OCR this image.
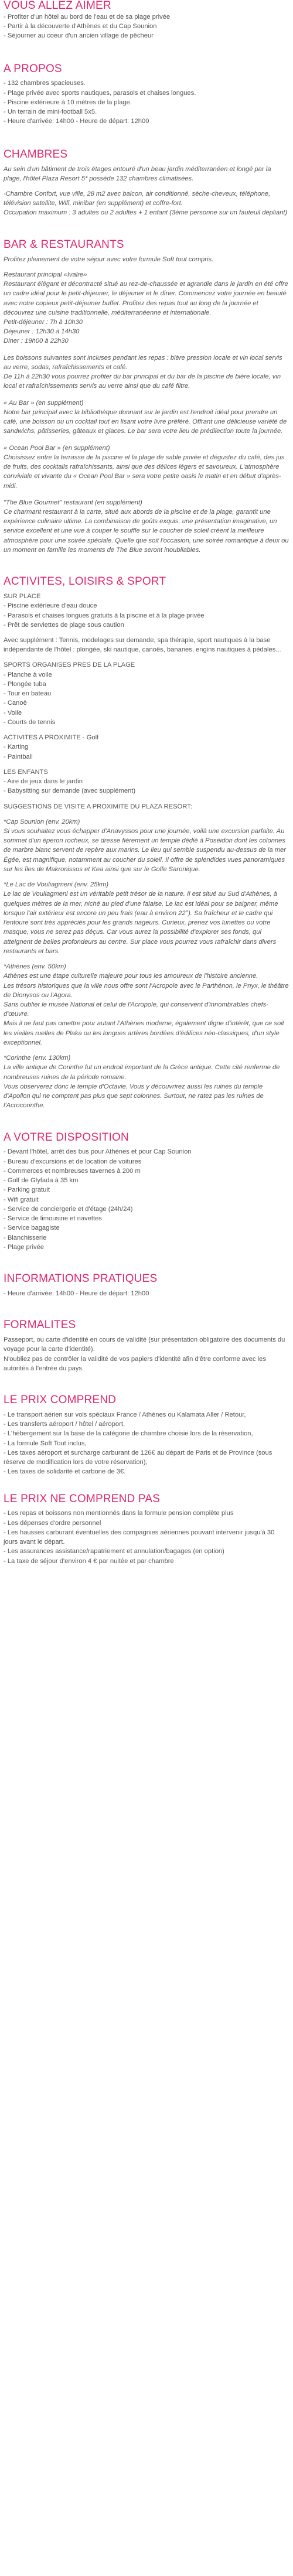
VOUS ALLEZ AIMER
- Profiter d'un hôtel au bord de l'eau et de sa plage privée
- Partir à la découverte d'Athènes et du Cap Sounion
- Séjourner au coeur d'un ancien village de pêcheur
A PROPOS
- 132 chambres spacieuses.
- Plage privée avec sports nautiques, parasols et chaises longues.
- Piscine extérieure à 10 mètres de la plage.
- Un terrain de mini-football 5x5.
- Heure d'arrivée: 14h00 - Heure de départ: 12h00
CHAMBRES

Au sein d'un bâtiment de trois étages entouré d'un beau jardin méditerranéen et longé par la plage, l'hôtel Plaza Resort 5* possède 132 chambres climatisées.

-Chambre Confort, vue ville, 28 m2 avec balcon, air conditionné, sèche-cheveux, téléphone, télévision satellite, Wifi, minibar (en supplément) et coffre-fort.
Occupation maximum : 3 adultes ou 2 adultes + 1 enfant (3ème personne sur un fauteuil dépliant)

BAR & RESTAURANTS

Profitez pleinement de votre séjour avec votre formule Soft tout compris.

Restaurant principal «Ivalre»
Restaurant élégant et décontracté situé au rez-de-chaussée et agrandie dans le jardin en été offre un cadre idéal pour le petit-déjeuner, le déjeuner et le dîner. Commencez votre journée en beauté avec notre copieux petit-déjeuner buffet. Profitez des repas tout au long de la journée et découvrez une cuisine traditionnelle, méditerranéenne et internationale.
Petit-déjeuner : 7h à 10h30
Déjeuner : 12h30 à 14h30
Diner : 19h00 à 22h30

Les boissons suivantes sont incluses pendant les repas : bière pression locale et vin local servis au verre, sodas, rafraîchissements et café.
De 11h à 22h30 vous pourrez profiter du bar principal et du bar de la piscine de bière locale, vin local et rafraîchissements servis au verre ainsi que du café filtre.

« Au Bar » (en supplément)
Notre bar principal avec la bibliothèque donnant sur le jardin est l'endroit idéal pour prendre un café, une boisson ou un cocktail tout en lisant votre livre préféré. Offrant une délicieuse variété de sandwichs, pâtisseries, gâteaux et glaces. Le bar sera votre lieu de prédilection toute la journée.

« Ocean Pool Bar » (en supplément)
Choisissez entre la terrasse de la piscine et la plage de sable privée et dégustez du café, des jus de fruits, des cocktails rafraîchissants, ainsi que des délices légers et savoureux. L'atmosphère conviviale et vivante du « Ocean Pool Bar » sera votre petite oasis le matin et en début d'après-midi.

"The Blue Gourmet" restaurant (en supplément)
Ce charmant restaurant à la carte, situé aux abords de la piscine et de la plage, garantit une expérience culinaire ultime. La combinaison de goûts exquis, une présentation imaginative, un service excellent et une vue à couper le souffle sur le coucher de soleil créent la meilleure atmosphère pour une soirée spéciale. Quelle que soit l'occasion, une soirée romantique à deux ou un moment en famille les moments de The Blue seront inoubliables.

ACTIVITES, LOISIRS & SPORT

SUR PLACE
- Piscine extérieure d'eau douce
- Parasols et chaises longues gratuits à la piscine et à la plage privée
- Prêt de serviettes de plage sous caution

Avec supplément : Tennis, modelages sur demande, spa thérapie, sport nautiques à la base indépendante de l'hôtel : plongée, ski nautique, canoës, bananes, engins nautiques à pédales...

SPORTS ORGANISES PRES DE LA PLAGE
- Planche à voile
- Plongée tuba
- Tour en bateau
- Canoë
- Voile
- Courts de tennis

ACTIVITES A PROXIMITE - Golf
- Karting
- Paintball

LES ENFANTS
- Aire de jeux dans le jardin
- Babysitting sur demande (avec supplément)

SUGGESTIONS DE VISITE A PROXIMITE DU PLAZA RESORT:

*Cap Sounion (env. 20km)
Si vous souhaitez vous échapper d'Anavyssos pour une journée, voilà une excursion parfaite. Au sommet d'un éperon rocheux, se dresse fièrement un temple dédié à Poséidon dont les colonnes de marbre blanc servent de repère aux marins. Le lieu qui semble suspendu au-dessus de la mer Égée, est magnifique, notamment au coucher du soleil. Il offre de splendides vues panoramiques sur les îles de Makronissos et Kea ainsi que sur le Golfe Saronique.

*Le Lac de Vouliagmeni (env. 25km)
Le lac de Vouliagmeni est un véritable petit trésor de la nature. Il est situé au Sud d'Athènes, à quelques mètres de la mer, niché au pied d'une falaise. Le lac est idéal pour se baigner, même lorsque l'air extérieur est encore un peu frais (eau à environ 22°). Sa fraîcheur et le cadre qui l'entoure sont très appréciés pour les grands nageurs. Curieux, prenez vos lunettes ou votre masque, vous ne serez pas déçus. Car vous aurez la possibilité d'explorer ses fonds, qui atteignent de belles profondeurs au centre. Sur place vous pourrez vous rafraîchir dans divers restaurants et bars.

*Athènes (env. 50km)
Athènes est une étape culturelle majeure pour tous les amoureux de l'histoire ancienne.
Les trésors historiques que la ville nous offre sont l'Acropole avec le Parthénon, le Pnyx, le théâtre de Dionysos ou l'Agora.
Sans oublier le musée National et celui de l'Acropole, qui conservent d'innombrables chefs-d'œuvre.
Mais il ne faut pas omettre pour autant l'Athènes moderne, également digne d'intérêt, que ce soit les vieilles ruelles de Plaka ou les longues artères bordées d'édifices néo-classiques, d'un style exceptionnel.

*Corinthe (env. 130km)
La ville antique de Corinthe fut un endroit important de la Grèce antique. Cette cité renferme de nombreuses ruines de la période romaine.
Vous observerez donc le temple d'Octavie. Vous y découvrirez aussi les ruines du temple d'Apollon qui ne comptent pas plus que sept colonnes. Surtout, ne ratez pas les ruines de l'Acrocorinthe.

A VOTRE DISPOSITION
- Devant l'hôtel, arrêt des bus pour Athènes et pour Cap Sounion
- Bureau d'excursions et de location de voitures
- Commerces et nombreuses tavernes à 200 m
- Golf de Glyfada à 35 km
- Parking gratuit
- Wifi gratuit
- Service de conciergerie et d'étage (24h/24)
- Service de limousine et navettes
- Service bagagiste
- Blanchisserie
- Plage privée
INFORMATIONS PRATIQUES
- Heure d'arrivée: 14h00 - Heure de départ: 12h00
FORMALITES

Passeport, ou carte d'identité en cours de validité (sur présentation obligatoire des documents du voyage pour la carte d'identité).
N'oubliez pas de contrôler la validité de vos papiers d'identité afin d'être conforme avec les autorités à l'entrée du pays.

LE PRIX COMPREND
- Le transport aérien sur vols spéciaux France / Athènes ou Kalamata Aller / Retour,
- Les transferts aéroport / hôtel / aéroport,
- L'hébergement sur la base de la catégorie de chambre choisie lors de la réservation,
- La formule Soft Tout inclus,
- Les taxes aéroport et surcharge carburant de 126€ au départ de Paris et de Province (sous réserve de modification lors de votre réservation),
- Les taxes de solidarité et carbone de 3€.
LE PRIX NE COMPREND PAS
- Les repas et boissons non mentionnés dans la formule pension complète plus
- Les dépenses d'ordre personnel
- Les hausses carburant éventuelles des compagnies aériennes pouvant intervenir jusqu'à 30 jours avant le départ.
- Les assurances assistance/rapatriement et annulation/bagages (en option)
- La taxe de séjour d'environ 4 € par nuitée et par chambre
